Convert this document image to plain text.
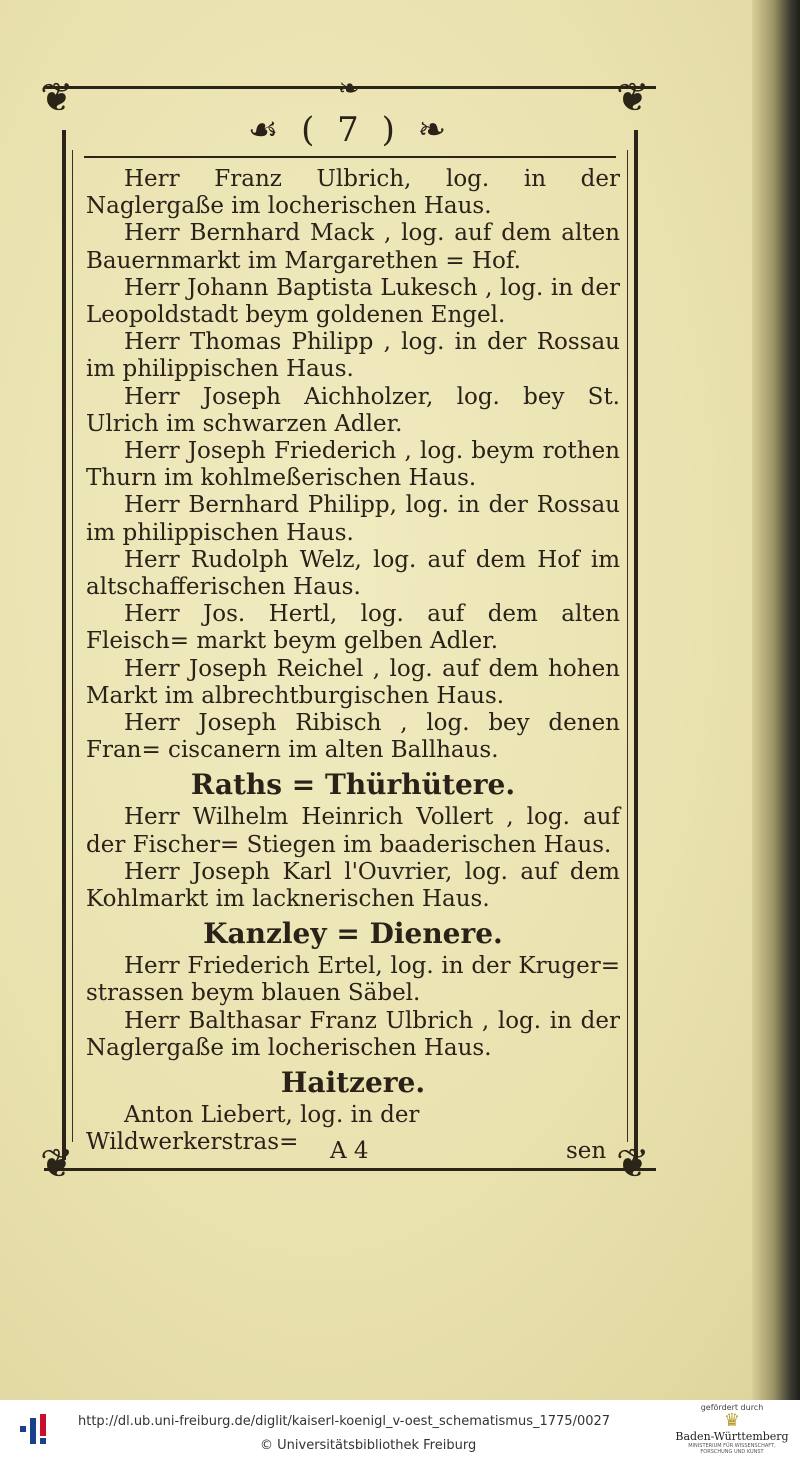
❦	❦
❦	❦
❧
☙ ( 7 ) ❧

Herr Franz Ulbrich, log. in der Naglergaße im locherischen Haus.

Herr Bernhard Mack , log. auf dem alten Bauernmarkt im Margarethen = Hof.

Herr Johann Baptista Lukesch , log. in der Leopoldstadt beym goldenen Engel.

Herr Thomas Philipp , log. in der Rossau im philippischen Haus.

Herr Joseph Aichholzer, log. bey St. Ulrich im schwarzen Adler.

Herr Joseph Friederich , log. beym rothen Thurn im kohlmeßerischen Haus.

Herr Bernhard Philipp, log. in der Rossau im philippischen Haus.

Herr Rudolph Welz, log. auf dem Hof im altschafferischen Haus.

Herr Jos. Hertl, log. auf dem alten Fleisch= markt beym gelben Adler.

Herr Joseph Reichel , log. auf dem hohen Markt im albrechtburgischen Haus.

Herr Joseph Ribisch , log. bey denen Fran= ciscanern im alten Ballhaus.

Raths = Thürhütere.

Herr Wilhelm Heinrich Vollert , log. auf der Fischer= Stiegen im baaderischen Haus.

Herr Joseph Karl l'Ouvrier, log. auf dem Kohlmarkt im lacknerischen Haus.

Kanzley = Dienere.

Herr Friederich Ertel, log. in der Kruger= strassen beym blauen Säbel.

Herr Balthasar Franz Ulbrich , log. in der Naglergaße im locherischen Haus.

Haitzere.

Anton Liebert, log. in der Wildwerkerstras=	A 4	sen
http://dl.ub.uni-freiburg.de/diglit/kaiserl-koenigl_v-oest_schematismus_1775/0027
© Universitätsbibliothek Freiburg
gefördert durch
♛
Baden-Württemberg
MINISTERIUM FÜR WISSENSCHAFT, FORSCHUNG UND KUNST
